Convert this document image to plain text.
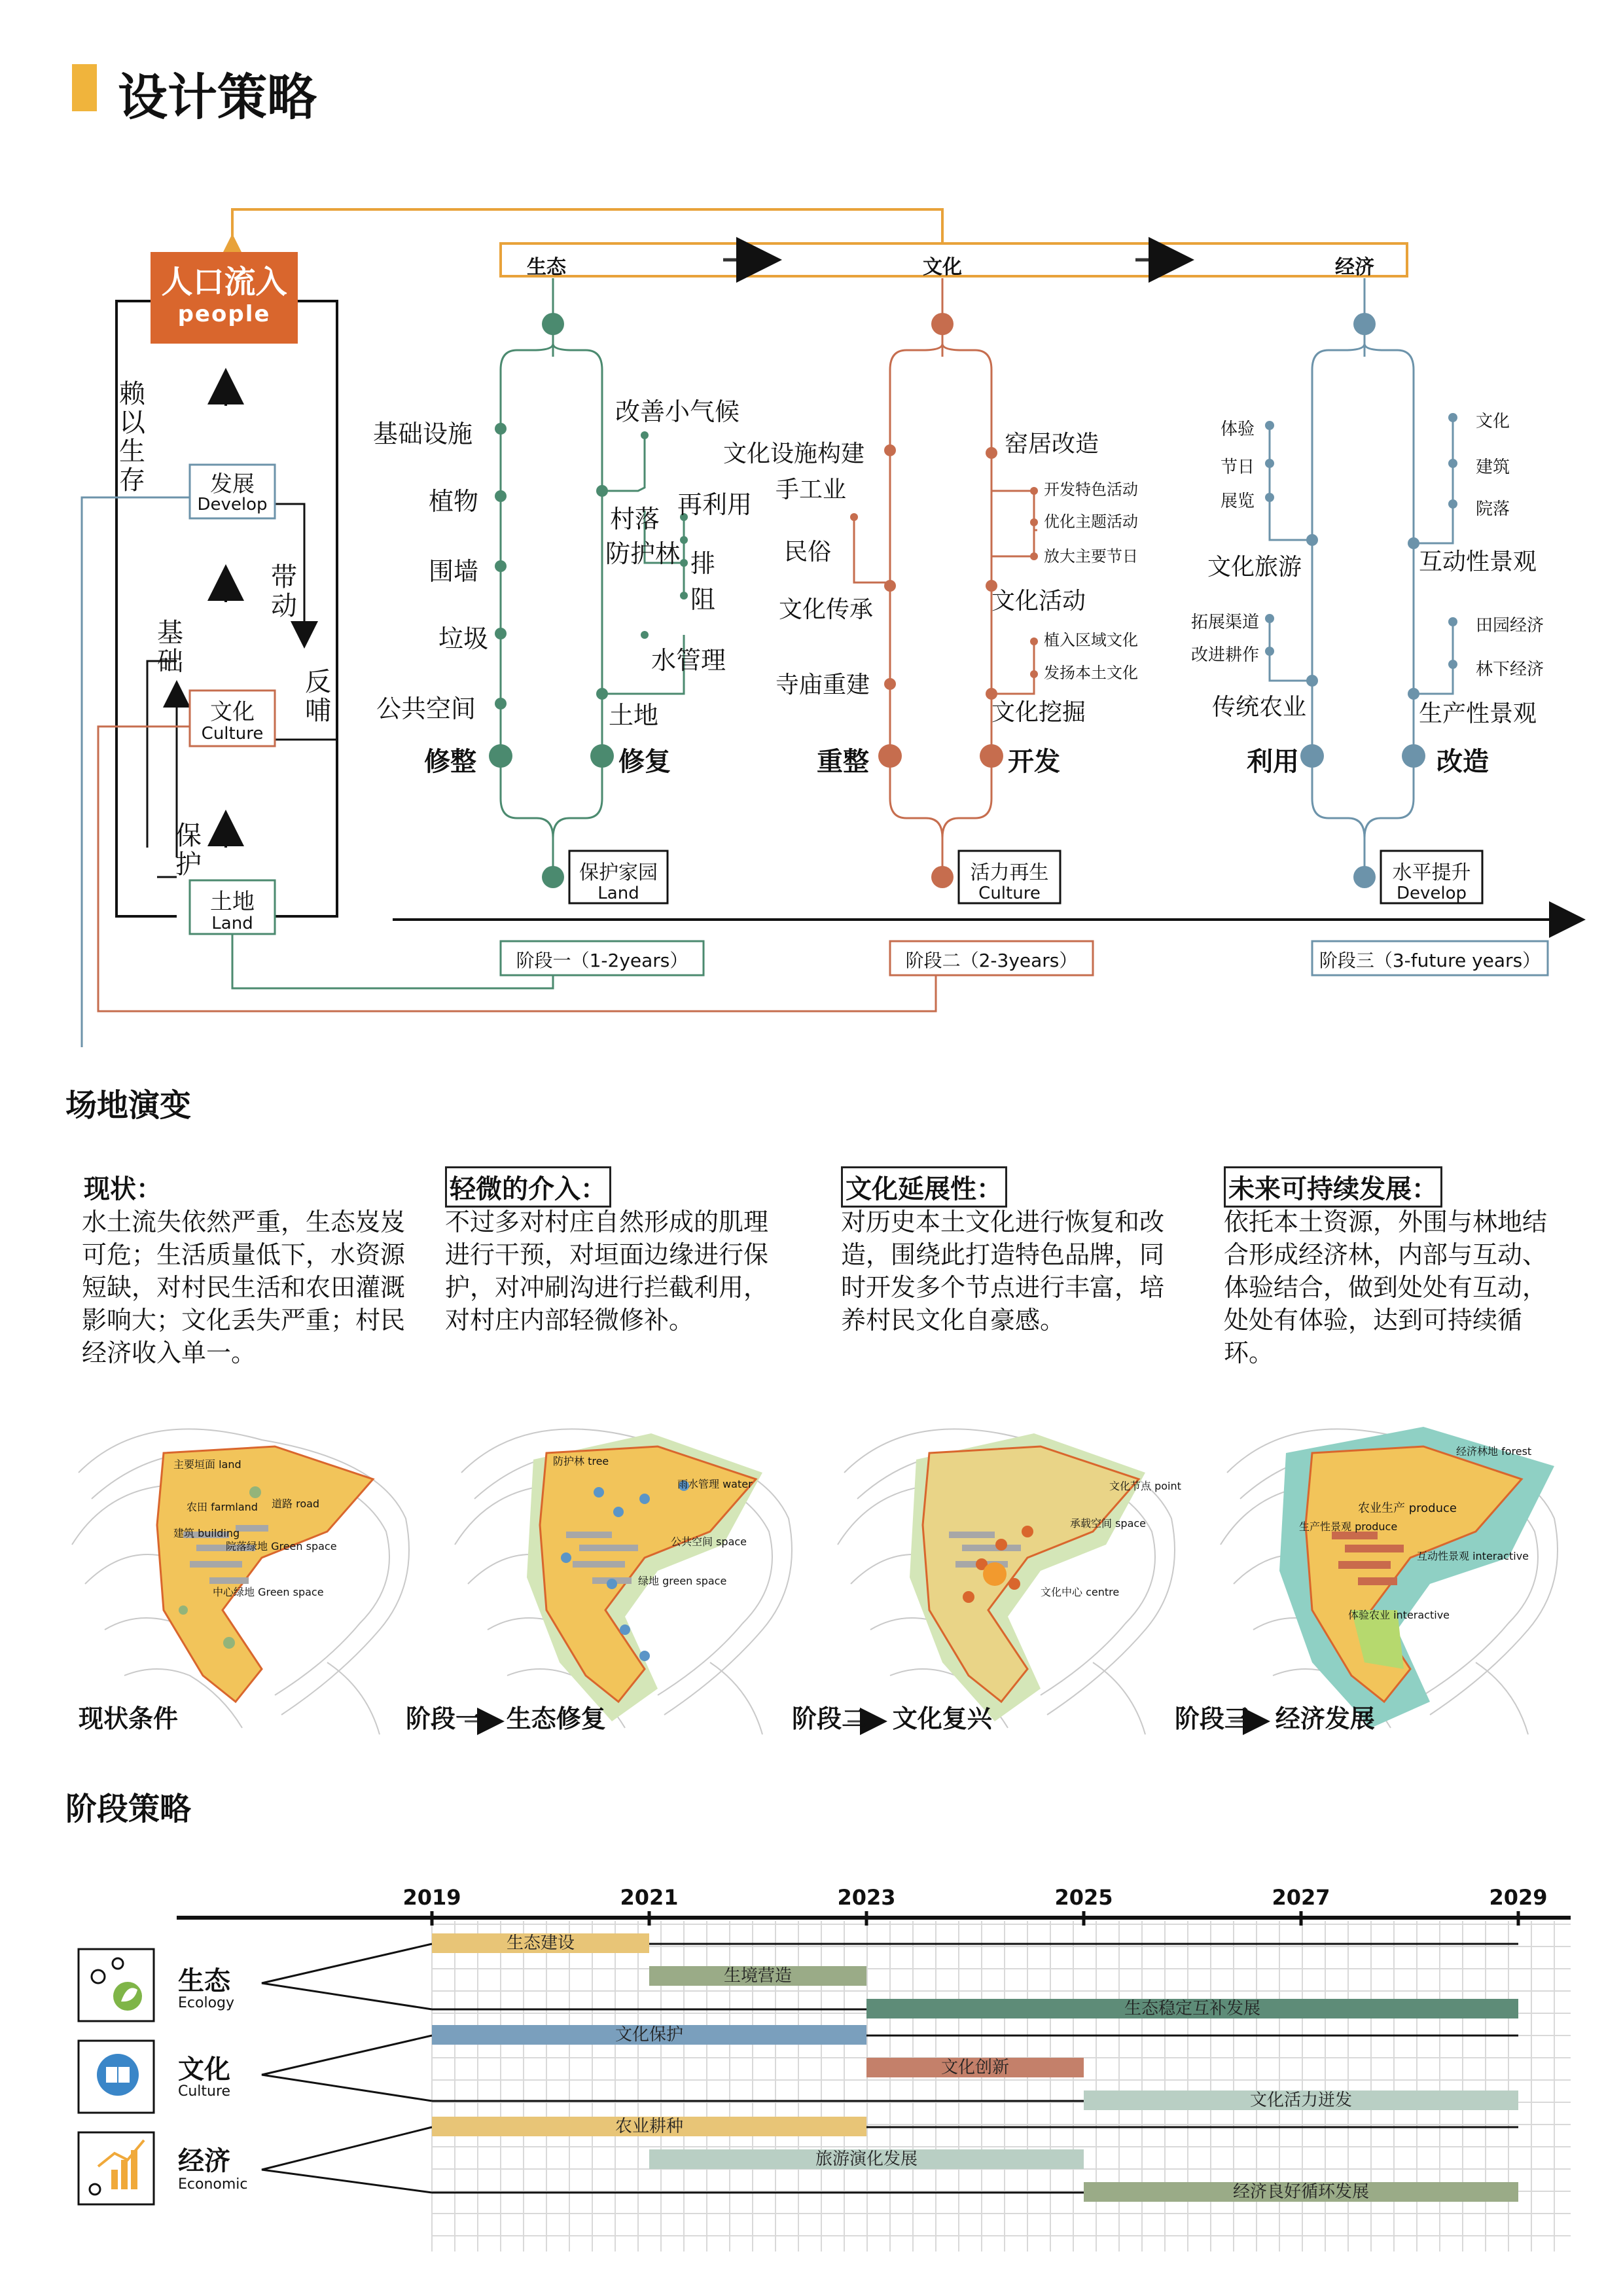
设计策略
人口流入
people
赖以生存
基础
带动
反哺
保护
发展
Develop
文化
Culture
土地
Land
生态	文化	经济
基础设施
植物
围墙
垃圾
公共空间
修整
改善小气候
村落
防护林
再利用
排
阻
水管理
土地
修复
保护家园
Land
阶段一（1-2years）
文化设施构建
手工业
民俗
文化传承
寺庙重建
重整
窑居改造
开发特色活动
优化主题活动
放大主要节日
文化活动
植入区域文化
发扬本土文化
文化挖掘
开发
活力再生
Culture
阶段二（2-3years）
体验
节日
展览
文化旅游
拓展渠道
改进耕作
传统农业
利用
文化
建筑
院落
互动性景观
田园经济
林下经济
生产性景观
改造
水平提升
Develop
阶段三（3-future years）
场地演变
现状：
水土流失依然严重，生态岌岌可危；生活质量低下，水资源短缺，对村民生活和农田灌溉影响大；文化丢失严重；村民经济收入单一。
轻微的介入：
不过多对村庄自然形成的肌理进行干预，对垣面边缘进行保护，对冲刷沟进行拦截利用，对村庄内部轻微修补。
文化延展性：
对历史本土文化进行恢复和改造，围绕此打造特色品牌，同时开发多个节点进行丰富，培养村民文化自豪感。
未来可持续发展：
依托本土资源，外围与林地结合形成经济林，内部与互动、体验结合，做到处处有互动，处处有体验，达到可持续循环。
主要垣面 land
农田 farmland 道路 road
建筑 building
院落绿地 Green space
中心绿地 Green space
防护林 tree
雨水管理 water
公共空间 space
绿地 green space
文化节点 point
承载空间 space
文化中心 centre
经济林地 forest
农业生产 produce
生产性景观 produce
互动性景观 interactive
体验农业 interactive
现状条件	阶段一   生态修复	阶段二   文化复兴	阶段三   经济发展
阶段策略
2019	2021	2023	2025	2027	2029
生态建设
生境营造
生态稳定互补发展
文化保护
文化创新
文化活力迸发
农业耕种
旅游演化发展
经济良好循环发展
生态
Ecology
文化
Culture
经济
Economic
